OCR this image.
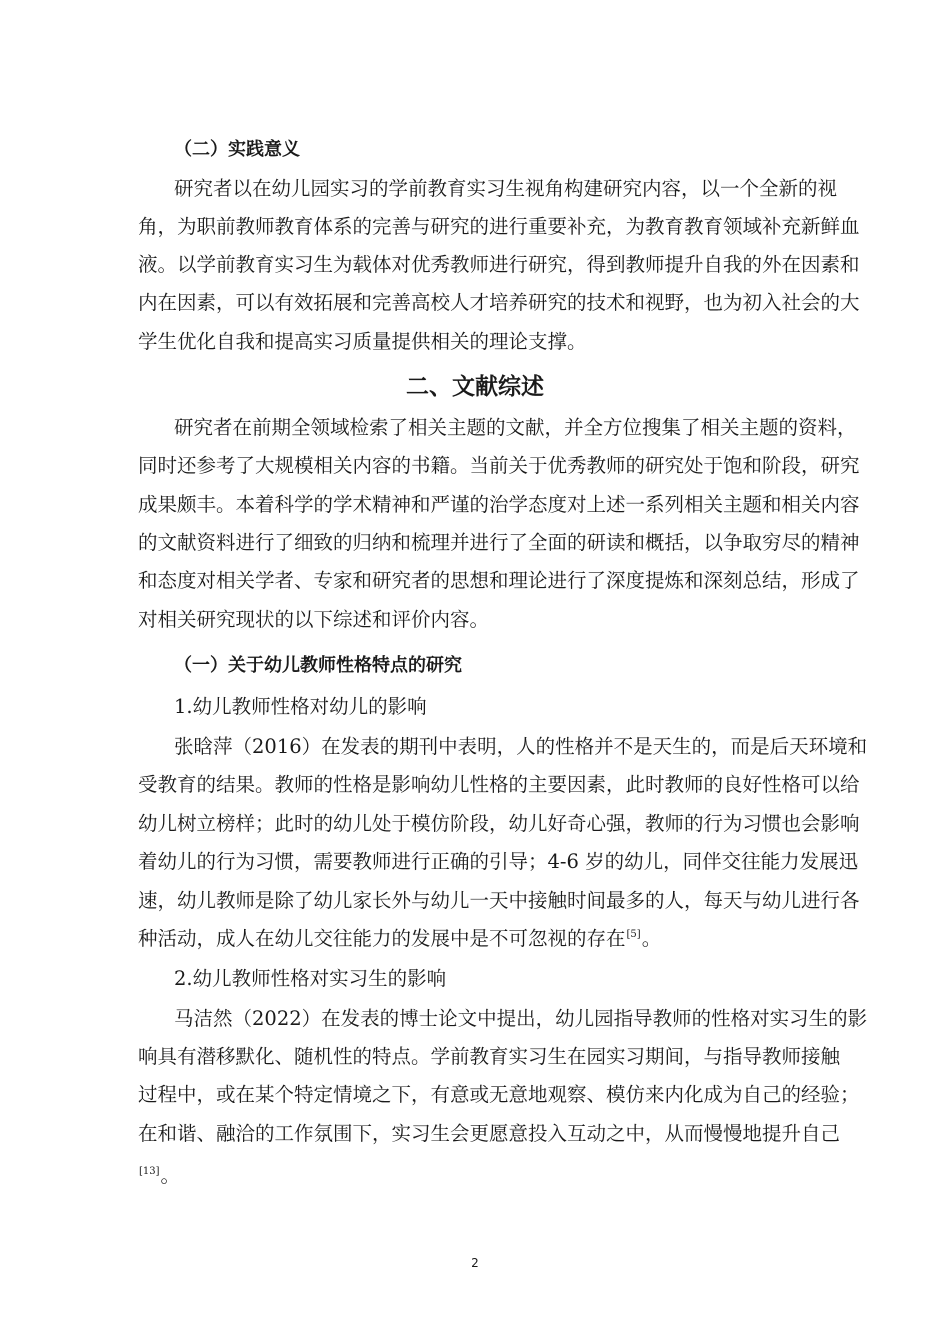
（二）实践意义
研究者以在幼儿园实习的学前教育实习生视角构建研究内容，以一个全新的视
角，为职前教师教育体系的完善与研究的进行重要补充，为教育教育领域补充新鲜血
液。以学前教育实习生为载体对优秀教师进行研究，得到教师提升自我的外在因素和
内在因素，可以有效拓展和完善高校人才培养研究的技术和视野，也为初入社会的大
学生优化自我和提高实习质量提供相关的理论支撑。
二、文献综述
研究者在前期全领域检索了相关主题的文献，并全方位搜集了相关主题的资料，
同时还参考了大规模相关内容的书籍。当前关于优秀教师的研究处于饱和阶段，研究
成果颇丰。本着科学的学术精神和严谨的治学态度对上述一系列相关主题和相关内容
的文献资料进行了细致的归纳和梳理并进行了全面的研读和概括，以争取穷尽的精神
和态度对相关学者、专家和研究者的思想和理论进行了深度提炼和深刻总结，形成了
对相关研究现状的以下综述和评价内容。
（一）关于幼儿教师性格特点的研究
1.幼儿教师性格对幼儿的影响
张晗萍（2016）在发表的期刊中表明，人的性格并不是天生的，而是后天环境和
受教育的结果。教师的性格是影响幼儿性格的主要因素，此时教师的良好性格可以给
幼儿树立榜样；此时的幼儿处于模仿阶段，幼儿好奇心强，教师的行为习惯也会影响
着幼儿的行为习惯，需要教师进行正确的引导；4-6 岁的幼儿，同伴交往能力发展迅
速，幼儿教师是除了幼儿家长外与幼儿一天中接触时间最多的人，每天与幼儿进行各
种活动，成人在幼儿交往能力的发展中是不可忽视的存在[5]。
2.幼儿教师性格对实习生的影响
马洁然（2022）在发表的博士论文中提出，幼儿园指导教师的性格对实习生的影
响具有潜移默化、随机性的特点。学前教育实习生在园实习期间，与指导教师接触
过程中，或在某个特定情境之下，有意或无意地观察、模仿来内化成为自己的经验；
在和谐、融洽的工作氛围下，实习生会更愿意投入互动之中，从而慢慢地提升自己
[13]。
2
